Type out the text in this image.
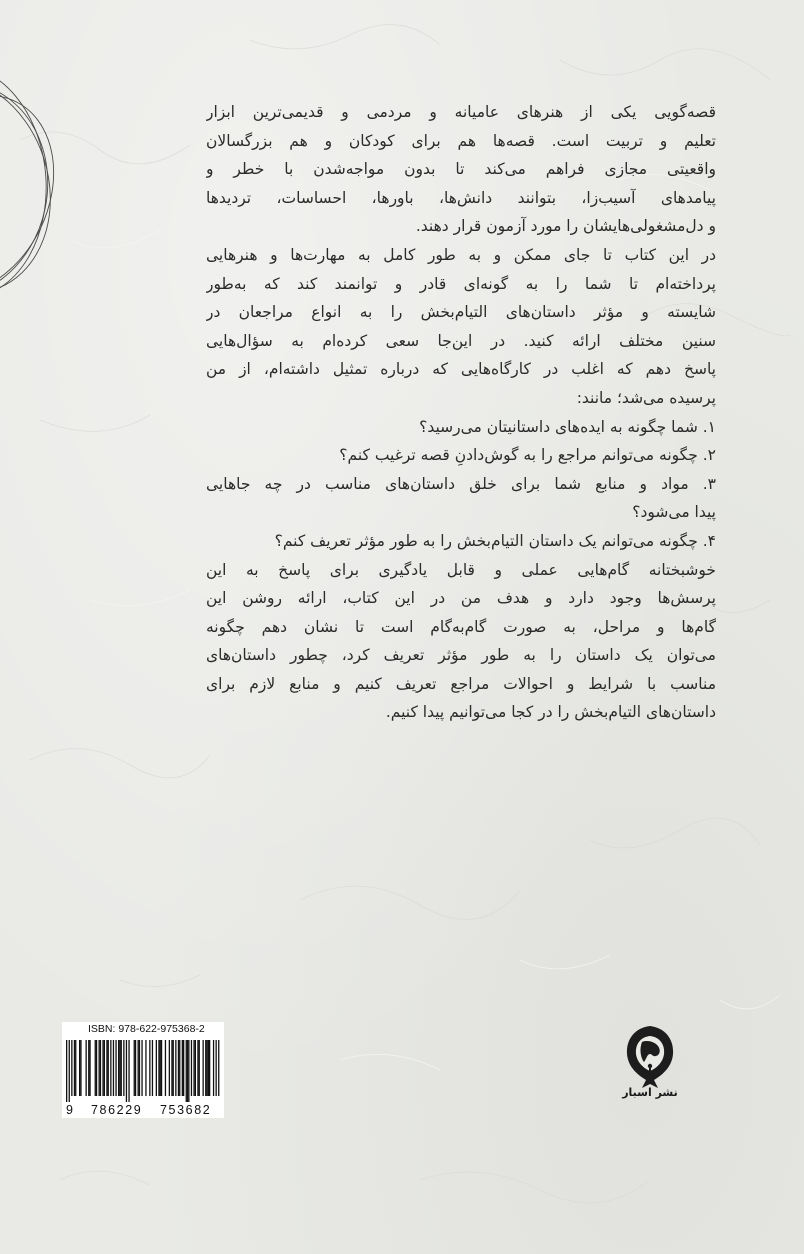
قصه‌گویی یکی از هنرهای عامیانه و مردمی و قدیمی‌ترین ابزار
تعلیم و تربیت است. قصه‌ها هم برای کودکان و هم بزرگسالان
واقعیتی مجازی فراهم می‌کند تا بدون مواجه‌شدن با خطر و
پیامدهای آسیب‌زا، بتوانند دانش‌ها، باورها، احساسات، تردیدها
و دل‌مشغولی‌هایشان را مورد آزمون قرار دهند.
در این کتاب تا جای ممکن و به طور کامل به مهارت‌ها و هنرهایی
پرداخته‌ام تا شما را به گونه‌ای قادر و توانمند کند که به‌طور
شایسته و مؤثر داستان‌های التیام‌بخش را به انواع مراجعان در
سنین مختلف ارائه کنید. در این‌جا سعی کرده‌ام به سؤال‌هایی
پاسخ دهم که اغلب در کارگاه‌هایی که درباره تمثیل داشته‌ام، از من
پرسیده می‌شد؛ مانند:
۱. شما چگونه به ایده‌های داستانیتان می‌رسید؟
۲. چگونه می‌توانم مراجع را به گوش‌دادنِ قصه ترغیب کنم؟
۳. مواد و منابع شما برای خلق داستان‌های مناسب در چه جاهایی
پیدا می‌شود؟
۴. چگونه می‌توانم یک داستان التیام‌بخش را به طور مؤثر تعریف کنم؟
خوشبختانه گام‌هایی عملی و قابل یادگیری برای پاسخ به این
پرسش‌ها وجود دارد و هدف من در این کتاب، ارائه روشن این
گام‌ها و مراحل، به صورت گام‌به‌گام است تا نشان دهم چگونه
می‌توان یک داستان را به طور مؤثر تعریف کرد، چطور داستان‌های
مناسب با شرایط و احوالات مراجع تعریف کنیم و منابع لازم برای
داستان‌های التیام‌بخش را در کجا می‌توانیم پیدا کنیم.
ISBN: 978-622-975368-2
9 786229 753682
نشر اسبار
